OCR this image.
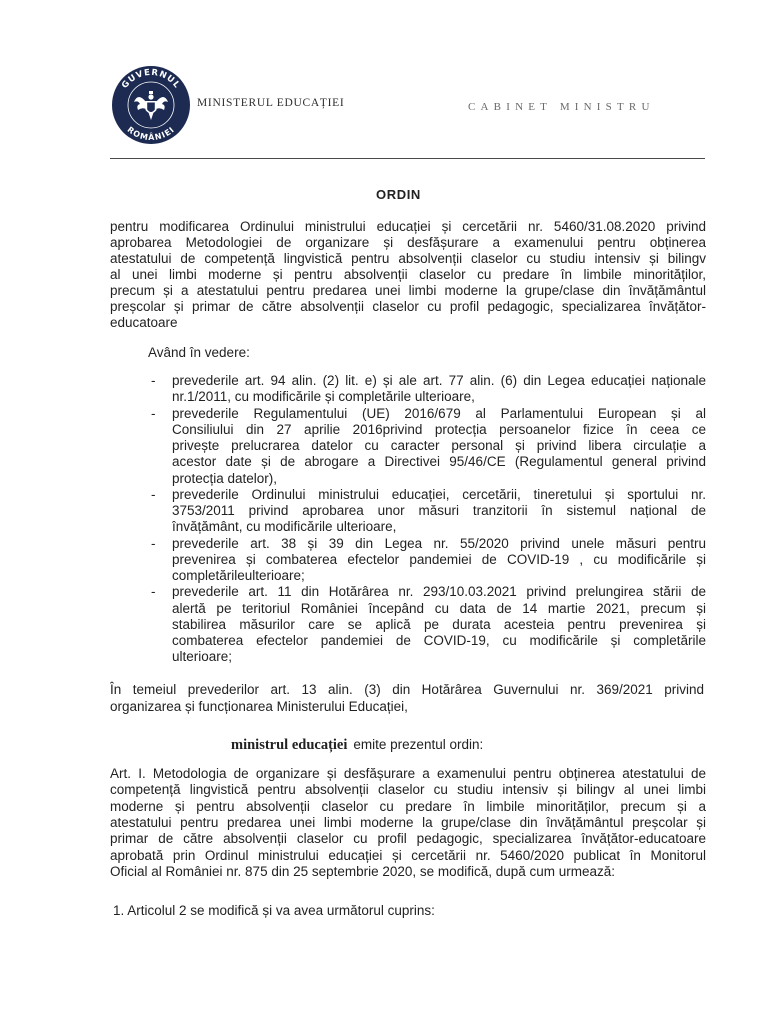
GUVERNUL
ROMÂNIEI
MINISTERUL EDUCAȚIEI	CABINET MINISTRU
ORDIN
pentru modificarea Ordinului ministrului educației și cercetării nr. 5460/31.08.2020 privind
aprobarea Metodologiei de organizare și desfășurare a examenului pentru obținerea
atestatului de competență lingvistică pentru absolvenții claselor cu studiu intensiv și bilingv
al unei limbi moderne și pentru absolvenții claselor cu predare în limbile minorităților,
precum și a atestatului pentru predarea unei limbi moderne la grupe/clase din învățământul
preșcolar și primar de către absolvenții claselor cu profil pedagogic, specializarea învățător-
educatoare
Având în vedere:
- prevederile art. 94 alin. (2) lit. e) și ale art. 77 alin. (6) din Legea educației naționale
nr.1/2011, cu modificările și completările ulterioare,
- prevederile Regulamentului (UE) 2016/679 al Parlamentului European și al
Consiliului din 27 aprilie 2016privind protecția persoanelor fizice în ceea ce
privește prelucrarea datelor cu caracter personal și privind libera circulație a
acestor date și de abrogare a Directivei 95/46/CE (Regulamentul general privind
protecția datelor),
- prevederile Ordinului ministrului educației, cercetării, tineretului și sportului nr.
3753/2011 privind aprobarea unor măsuri tranzitorii în sistemul național de
învățământ, cu modificările ulterioare,
- prevederile art. 38 și 39 din Legea nr. 55/2020 privind unele măsuri pentru
prevenirea și combaterea efectelor pandemiei de COVID-19 , cu modificările și
completărileulterioare;
- prevederile art. 11 din Hotărârea nr. 293/10.03.2021 privind prelungirea stării de
alertă pe teritoriul României începând cu data de 14 martie 2021, precum și
stabilirea măsurilor care se aplică pe durata acesteia pentru prevenirea și
combaterea efectelor pandemiei de COVID-19, cu modificările și completările
ulterioare;
În temeiul prevederilor art. 13 alin. (3) din Hotărârea Guvernului nr. 369/2021 privind
organizarea și funcționarea Ministerului Educației,
ministrul educației emite prezentul ordin:
Art. I. Metodologia de organizare și desfășurare a examenului pentru obținerea atestatului de
competență lingvistică pentru absolvenții claselor cu studiu intensiv și bilingv al unei limbi
moderne și pentru absolvenții claselor cu predare în limbile minorităților, precum și a
atestatului pentru predarea unei limbi moderne la grupe/clase din învățământul preșcolar și
primar de către absolvenții claselor cu profil pedagogic, specializarea învățător-educatoare
aprobată prin Ordinul ministrului educației și cercetării nr. 5460/2020 publicat în Monitorul
Oficial al României nr. 875 din 25 septembrie 2020, se modifică, după cum urmează:
1. Articolul 2 se modifică și va avea următorul cuprins:
